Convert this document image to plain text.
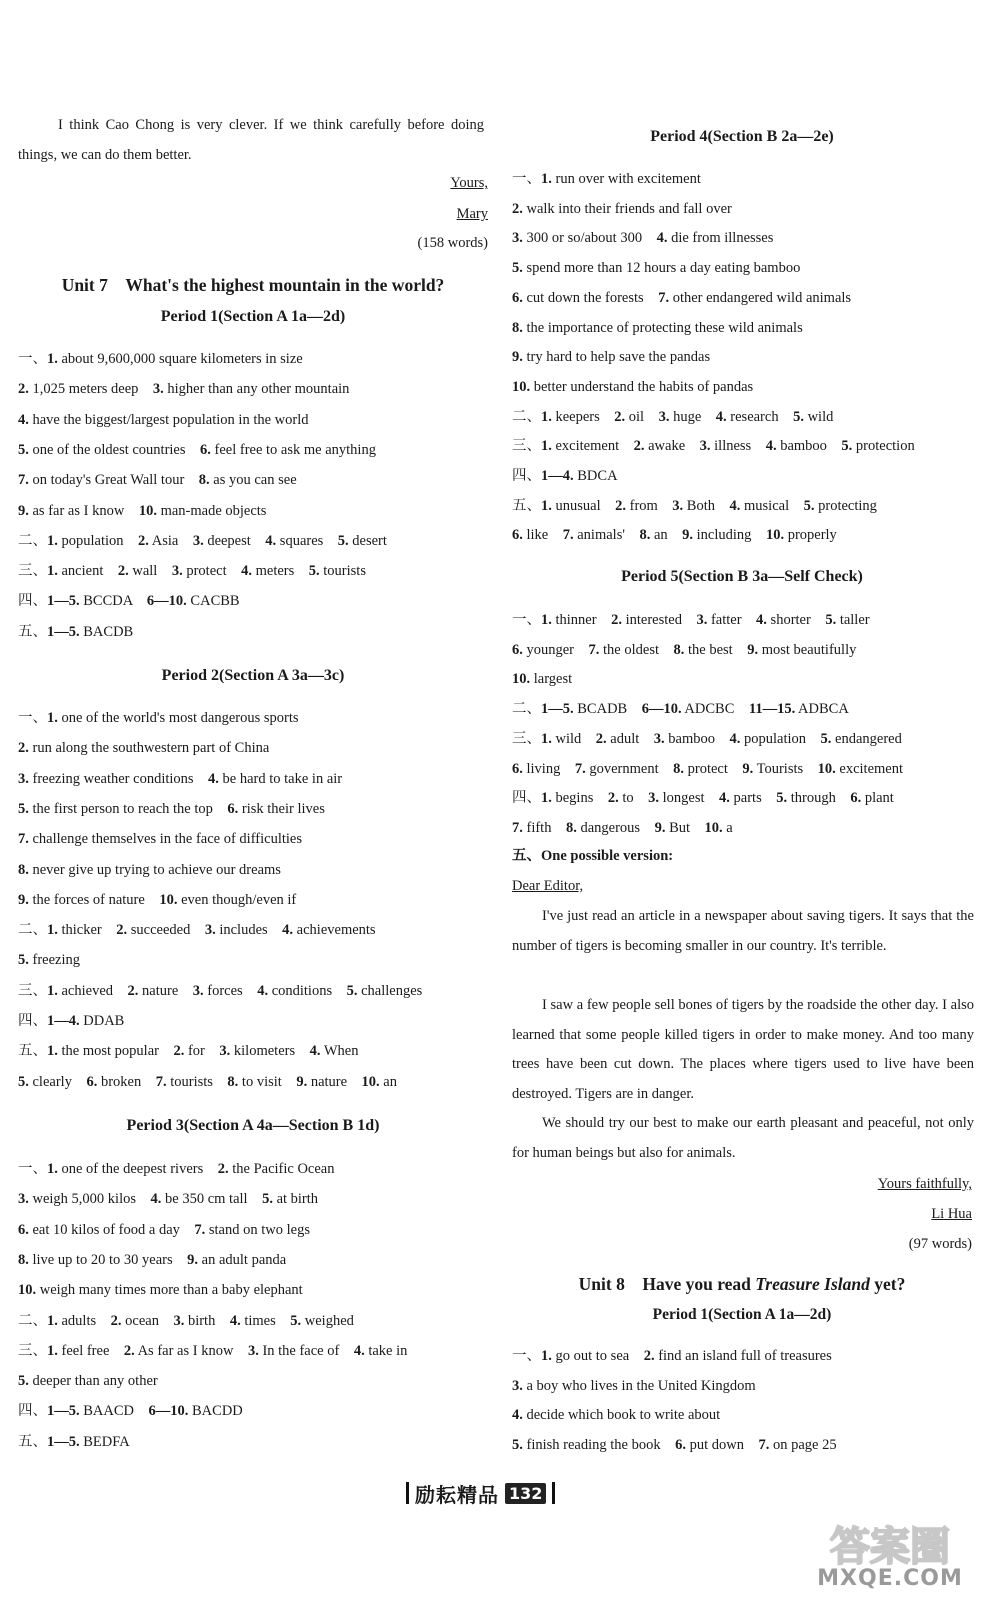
I think Cao Chong is very clever. If we think carefully before doing things, we can do them better.
Yours,
Mary
(158 words)
Unit 7　What's the highest mountain in the world?
Period 1(Section A 1a—2d)
一、1. about 9,600,000 square kilometers in size
2. 1,025 meters deep　3. higher than any other mountain
4. have the biggest/largest population in the world
5. one of the oldest countries　6. feel free to ask me anything
7. on today's Great Wall tour　8. as you can see
9. as far as I know　10. man-made objects
二、1. population　2. Asia　3. deepest　4. squares　5. desert
三、1. ancient　2. wall　3. protect　4. meters　5. tourists
四、1—5. BCCDA　6—10. CACBB
五、1—5. BACDB
Period 2(Section A 3a—3c)
一、1. one of the world's most dangerous sports
2. run along the southwestern part of China
3. freezing weather conditions　4. be hard to take in air
5. the first person to reach the top　6. risk their lives
7. challenge themselves in the face of difficulties
8. never give up trying to achieve our dreams
9. the forces of nature　10. even though/even if
二、1. thicker　2. succeeded　3. includes　4. achievements
5. freezing
三、1. achieved　2. nature　3. forces　4. conditions　5. challenges
四、1—4. DDAB
五、1. the most popular　2. for　3. kilometers　4. When
5. clearly　6. broken　7. tourists　8. to visit　9. nature　10. an
Period 3(Section A 4a—Section B 1d)
一、1. one of the deepest rivers　2. the Pacific Ocean
3. weigh 5,000 kilos　4. be 350 cm tall　5. at birth
6. eat 10 kilos of food a day　7. stand on two legs
8. live up to 20 to 30 years　9. an adult panda
10. weigh many times more than a baby elephant
二、1. adults　2. ocean　3. birth　4. times　5. weighed
三、1. feel free　2. As far as I know　3. In the face of　4. take in
5. deeper than any other
四、1—5. BAACD　6—10. BACDD
五、1—5. BEDFA
Period 4(Section B 2a—2e)
一、1. run over with excitement
2. walk into their friends and fall over
3. 300 or so/about 300　4. die from illnesses
5. spend more than 12 hours a day eating bamboo
6. cut down the forests　7. other endangered wild animals
8. the importance of protecting these wild animals
9. try hard to help save the pandas
10. better understand the habits of pandas
二、1. keepers　2. oil　3. huge　4. research　5. wild
三、1. excitement　2. awake　3. illness　4. bamboo　5. protection
四、1—4. BDCA
五、1. unusual　2. from　3. Both　4. musical　5. protecting
6. like　7. animals'　8. an　9. including　10. properly
Period 5(Section B 3a—Self Check)
一、1. thinner　2. interested　3. fatter　4. shorter　5. taller
6. younger　7. the oldest　8. the best　9. most beautifully
10. largest
二、1—5. BCADB　6—10. ADCBC　11—15. ADBCA
三、1. wild　2. adult　3. bamboo　4. population　5. endangered
6. living　7. government　8. protect　9. Tourists　10. excitement
四、1. begins　2. to　3. longest　4. parts　5. through　6. plant
7. fifth　8. dangerous　9. But　10. a
五、One possible version:
Dear Editor,
I've just read an article in a newspaper about saving tigers. It says that the number of tigers is becoming smaller in our country. It's terrible.
I saw a few people sell bones of tigers by the roadside the other day. I also learned that some people killed tigers in order to make money. And too many trees have been cut down. The places where tigers used to live have been destroyed. Tigers are in danger.
We should try our best to make our earth pleasant and peaceful, not only for human beings but also for animals.
Yours faithfully,
Li Hua
(97 words)
Unit 8　Have you read Treasure Island yet?
Period 1(Section A 1a—2d)
一、1. go out to sea　2. find an island full of treasures
3. a boy who lives in the United Kingdom
4. decide which book to write about
5. finish reading the book　6. put down　7. on page 25
励耘精品 132
答案圈
MXQE.COM
